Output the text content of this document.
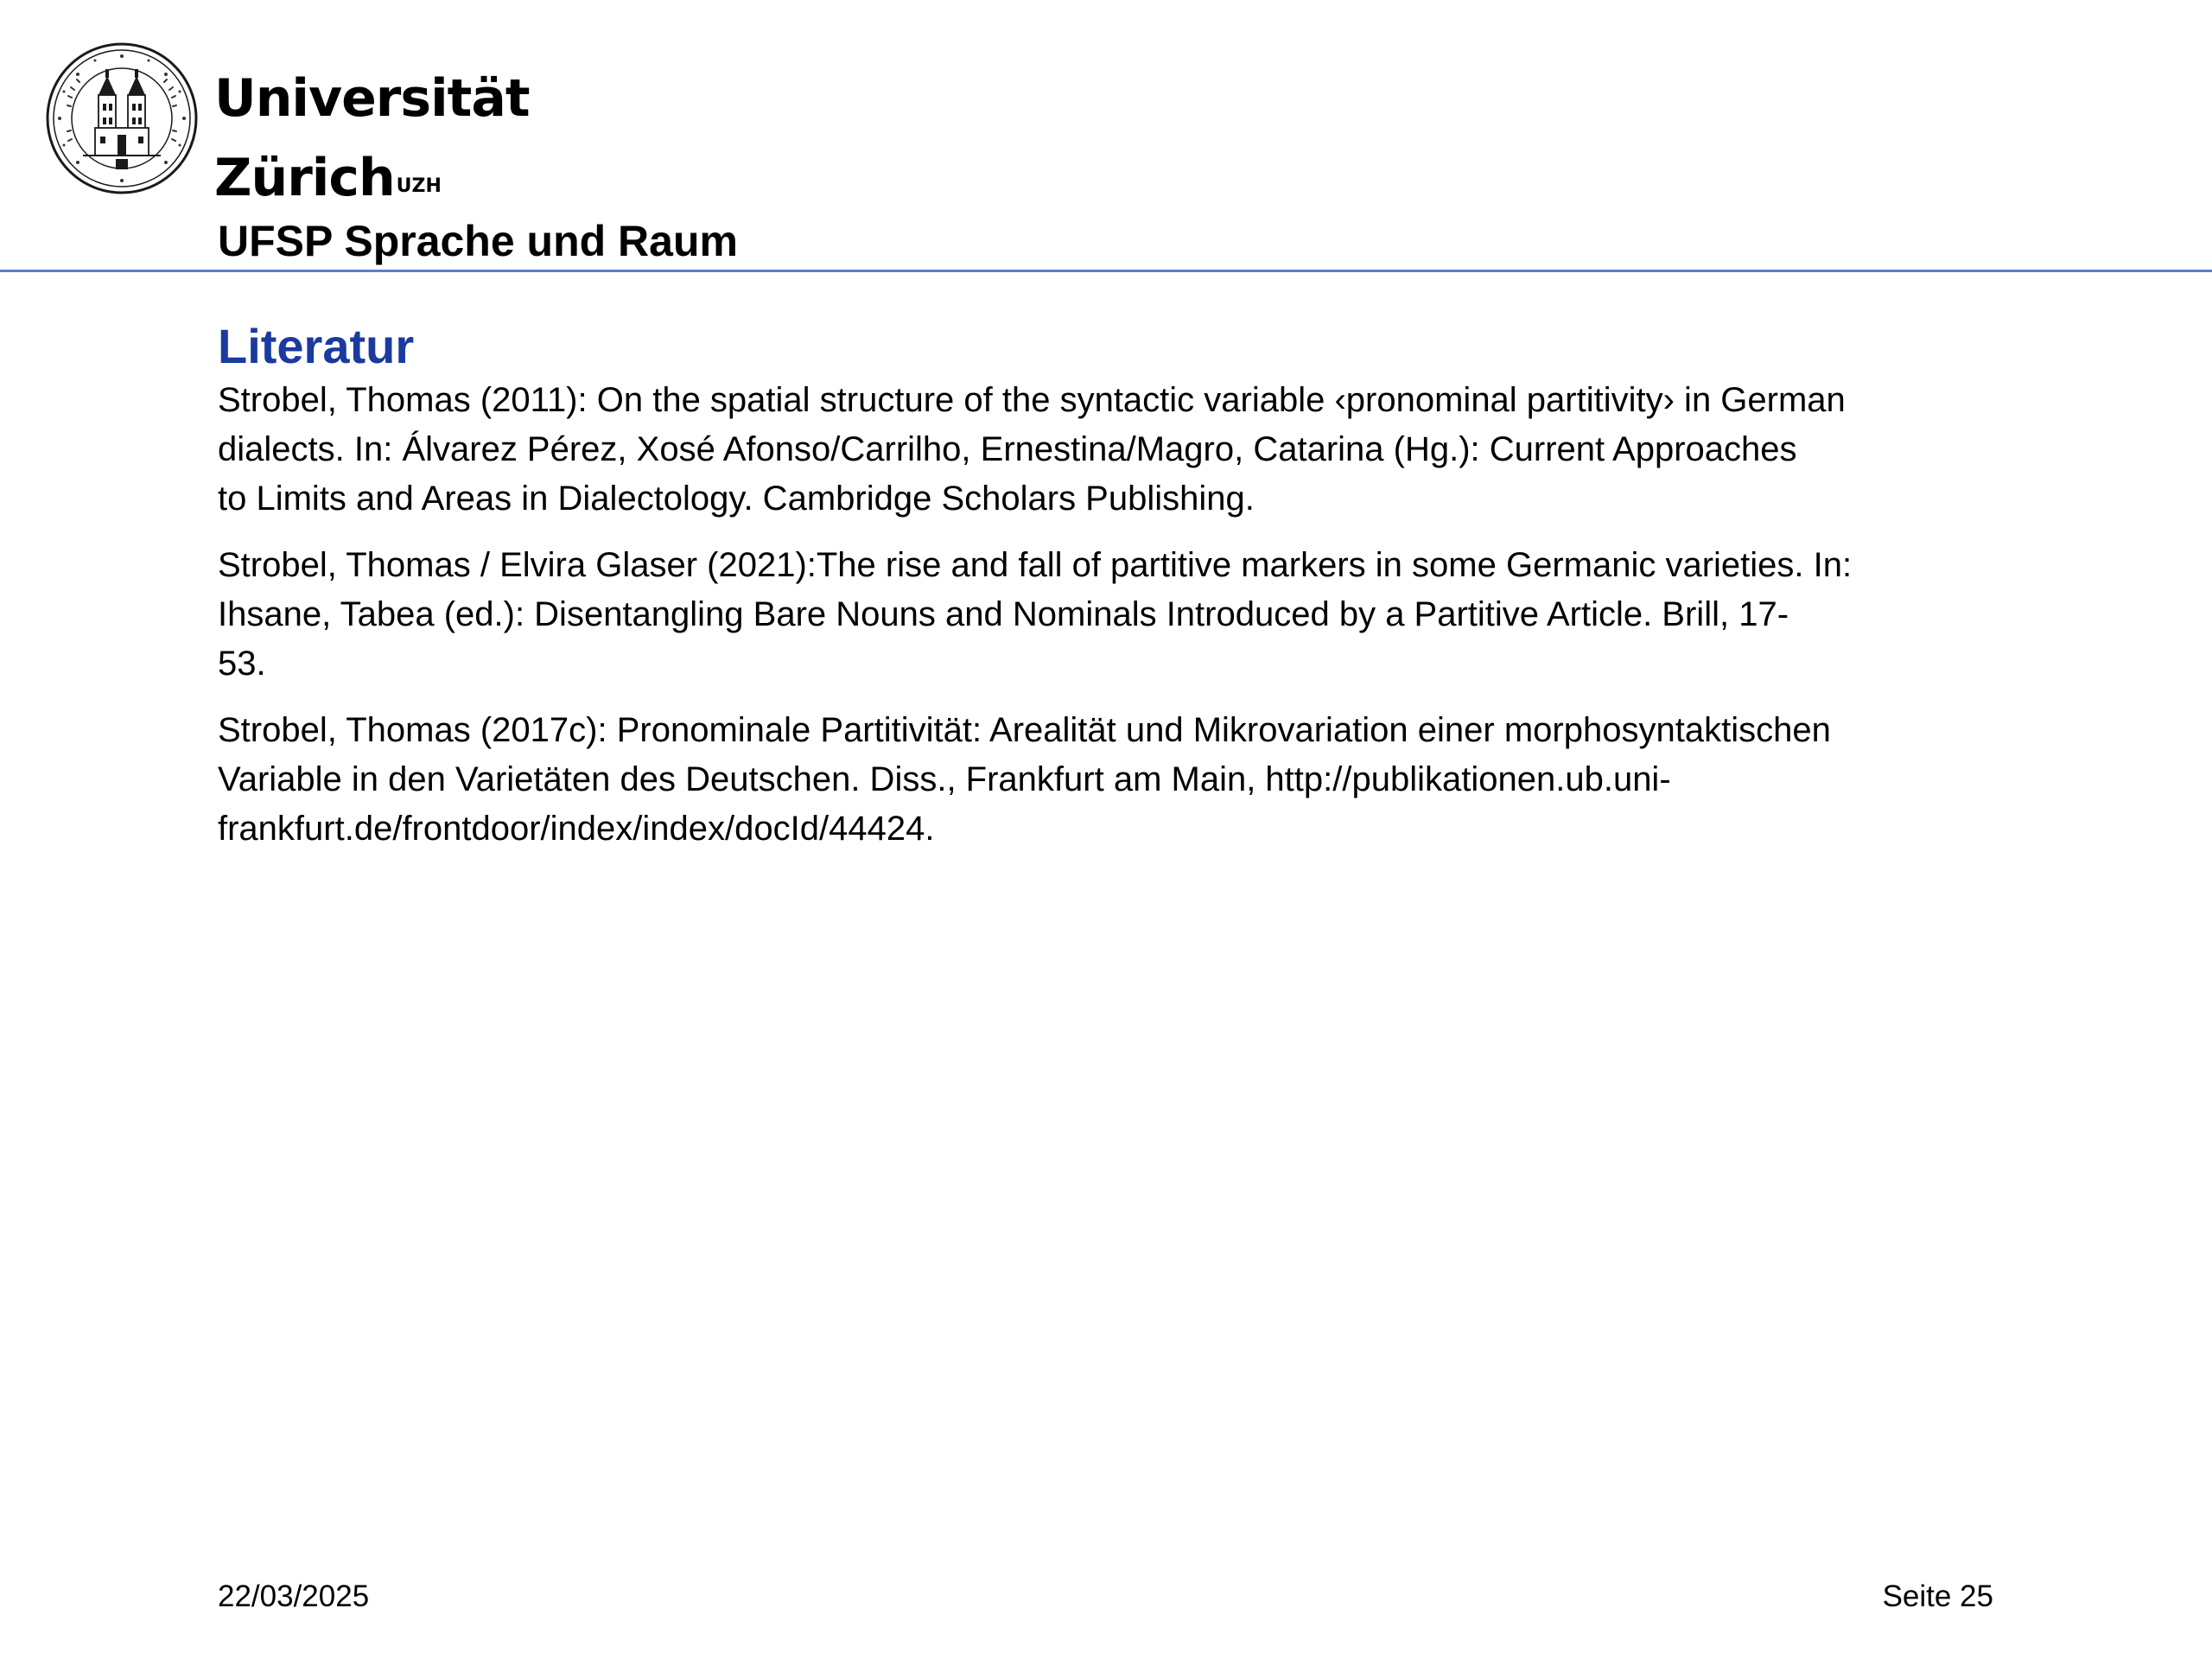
Universität
Zürich$^{UZH}$
UFSP Sprache und Raum
Literatur

Strobel, Thomas (2011): On the spatial structure of the syntactic variable ‹pronominal partitivity› in German
dialects. In: Álvarez Pérez, Xosé Afonso/Carrilho, Ernestina/Magro, Catarina (Hg.): Current Approaches
to Limits and Areas in Dialectology. Cambridge Scholars Publishing.

Strobel, Thomas / Elvira Glaser (2021):The rise and fall of partitive markers in some Germanic varieties. In:
Ihsane, Tabea (ed.): Disentangling Bare Nouns and Nominals Introduced by a Partitive Article. Brill, 17-
53.

Strobel, Thomas (2017c): Pronominale Partitivität: Arealität und Mikrovariation einer morphosyntaktischen
Variable in den Varietäten des Deutschen. Diss., Frankfurt am Main, http://publikationen.ub.uni-
frankfurt.de/frontdoor/index/index/docId/44424.

22/03/2025	Seite 25
